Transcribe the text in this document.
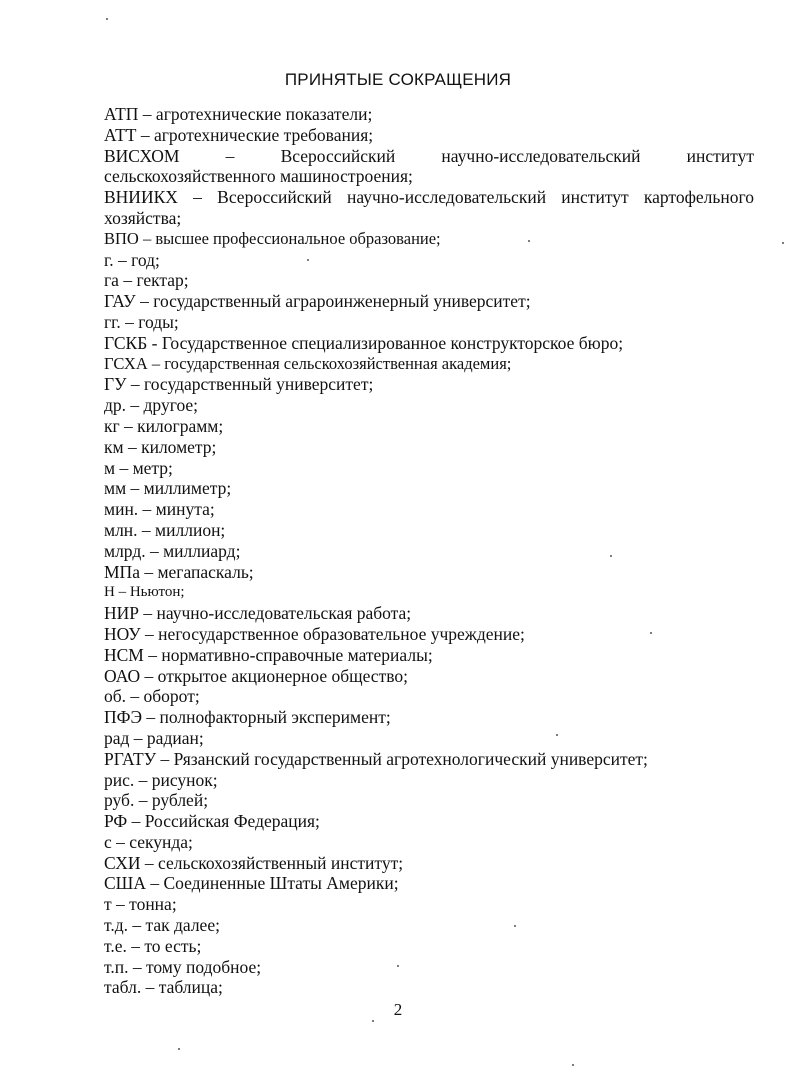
ПРИНЯТЫЕ СОКРАЩЕНИЯ
АТП – агротехнические показатели;
АТТ – агротехнические требования;
ВИСХОМ – Всероссийский научно-исследовательский институт сельскохозяйственного машиностроения;
ВНИИКХ – Всероссийский научно-исследовательский институт картофельного хозяйства;
ВПО – высшее профессиональное образование;
г. – год;
га – гектар;
ГАУ – государственный аграроинженерный университет;
гг. – годы;
ГСКБ - Государственное специализированное конструкторское бюро;
ГСХА – государственная сельскохозяйственная академия;
ГУ – государственный университет;
др. – другое;
кг – килограмм;
км – километр;
м – метр;
мм – миллиметр;
мин. – минута;
млн. – миллион;
млрд. – миллиард;
МПа – мегапаскаль;
Н – Ньютон;
НИР – научно-исследовательская работа;
НОУ – негосударственное образовательное учреждение;
НСМ – нормативно-справочные материалы;
ОАО – открытое акционерное общество;
об. – оборот;
ПФЭ – полнофакторный эксперимент;
рад – радиан;
РГАТУ – Рязанский государственный агротехнологический университет;
рис. – рисунок;
руб. – рублей;
РФ – Российская Федерация;
с – секунда;
СХИ – сельскохозяйственный институт;
США – Соединенные Штаты Америки;
т – тонна;
т.д. – так далее;
т.е. – то есть;
т.п. – тому подобное;
табл. – таблица;
2
